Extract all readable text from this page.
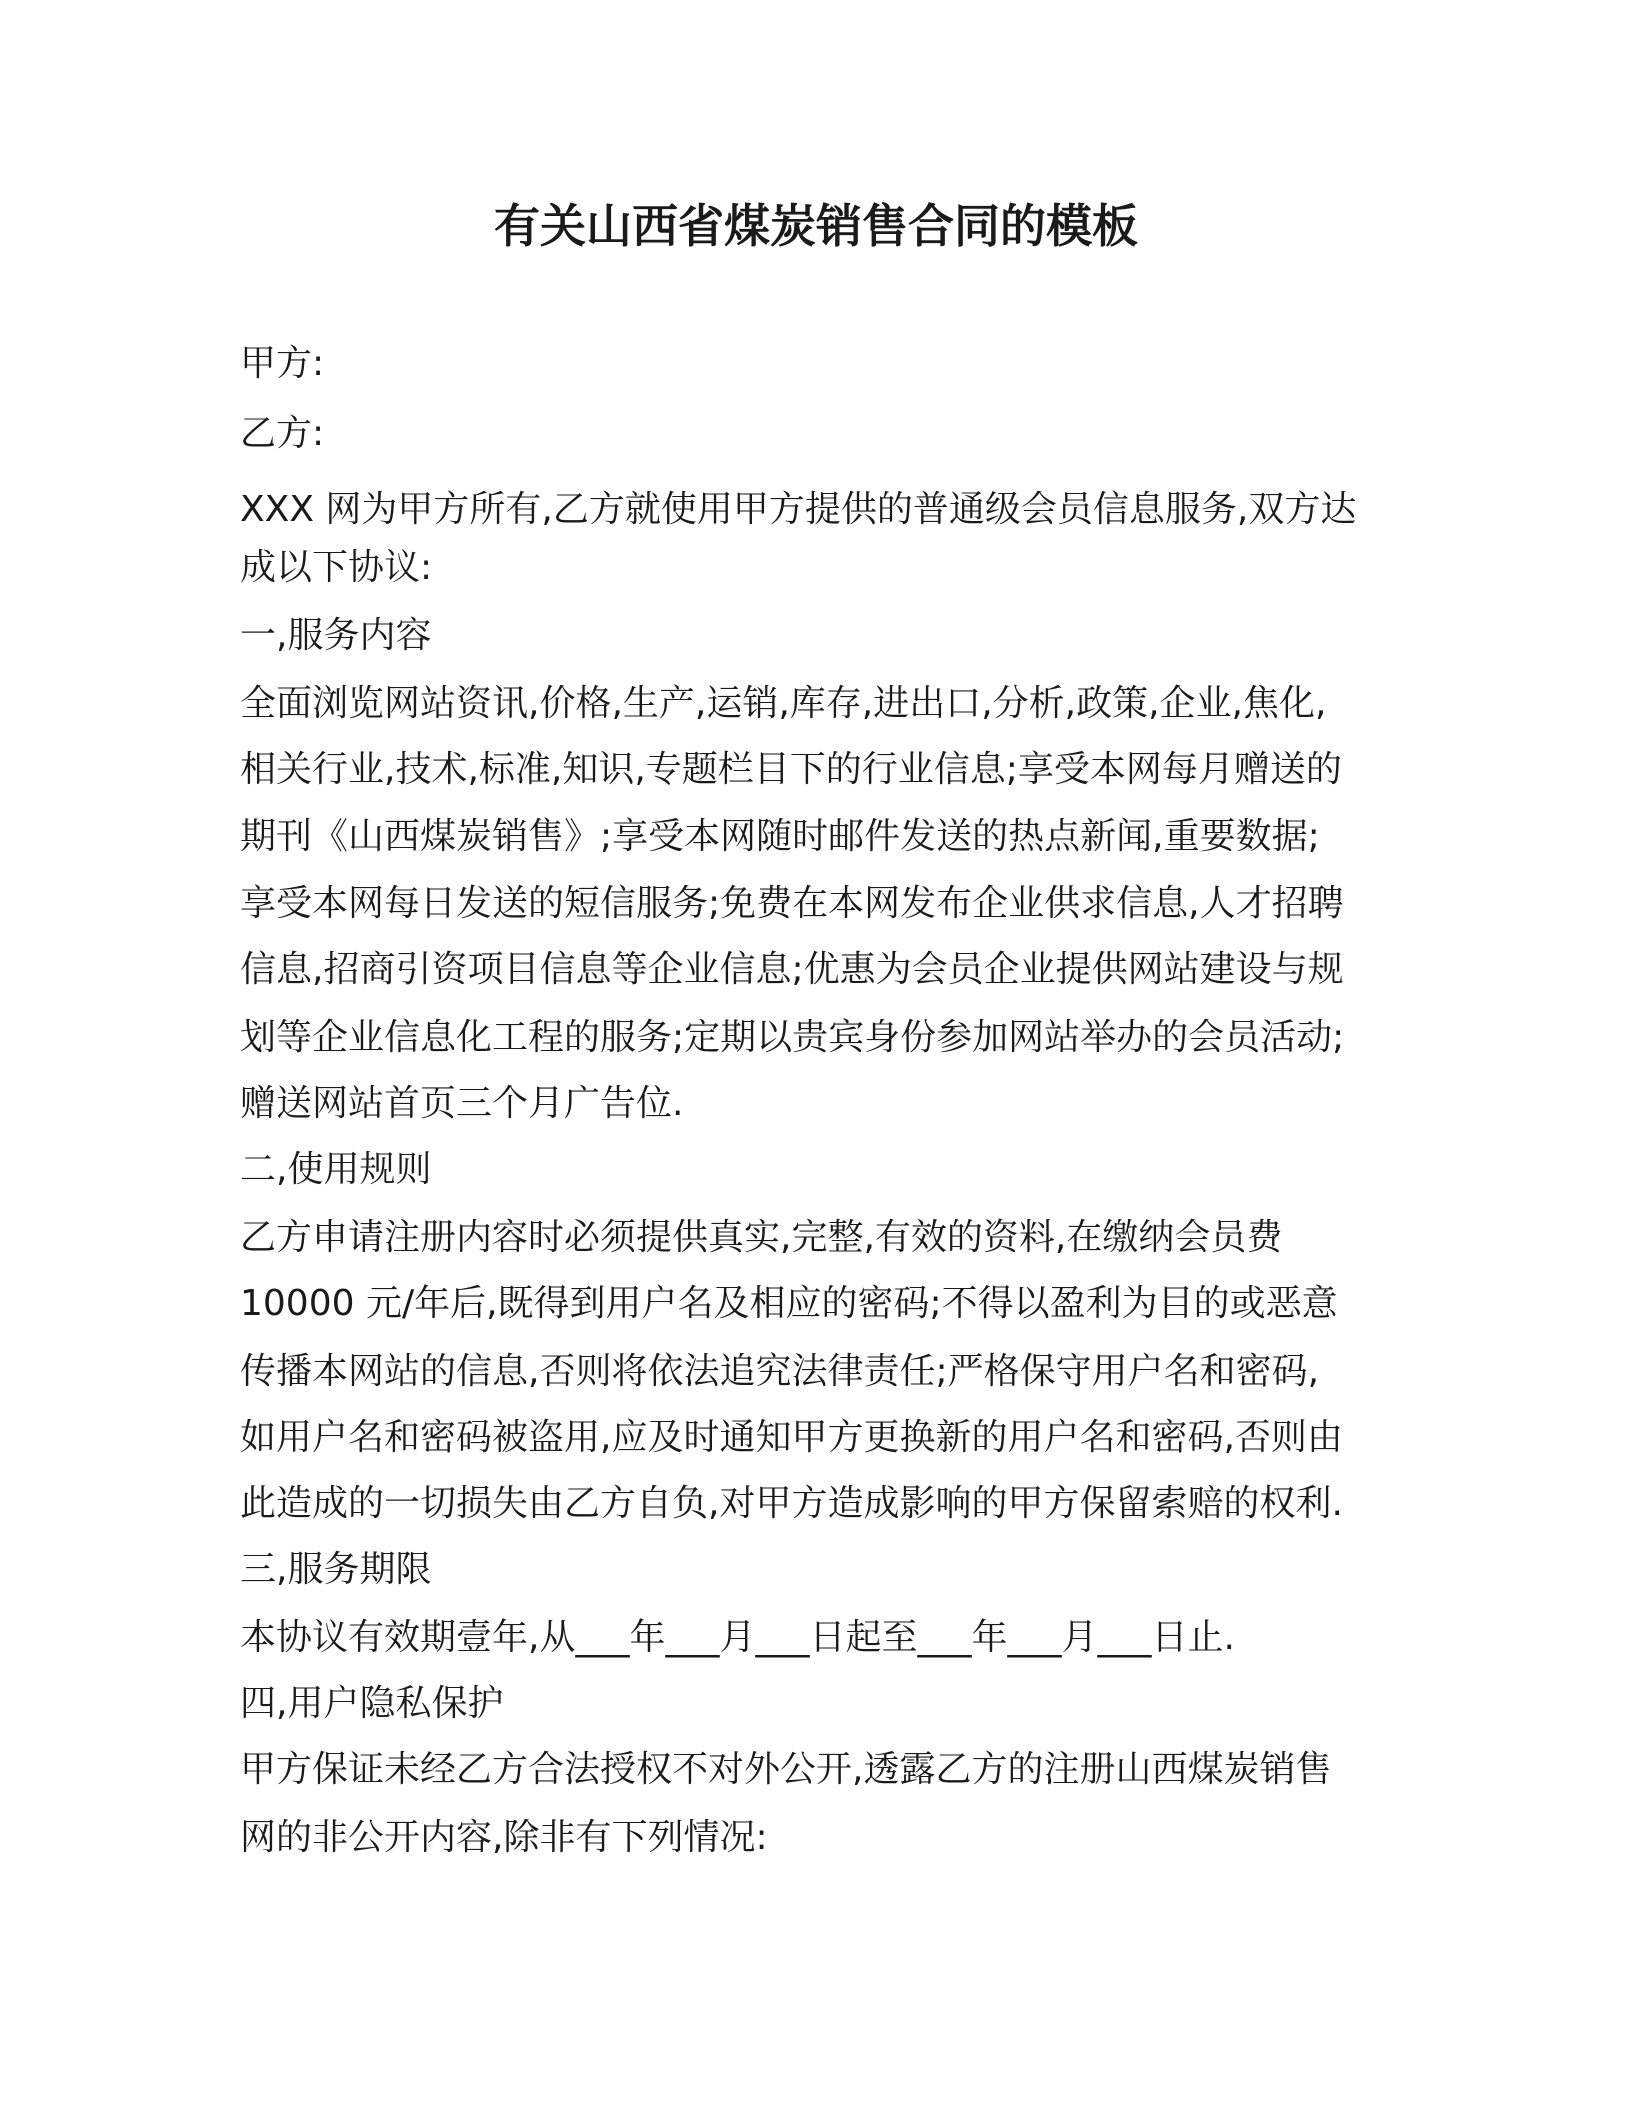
有关山西省煤炭销售合同的模板
甲方:
乙方:
XXX 网为甲方所有,乙方就使用甲方提供的普通级会员信息服务,双方达
成以下协议:
一,服务内容
全面浏览网站资讯,价格,生产,运销,库存,进出口,分析,政策,企业,焦化,
相关行业,技术,标准,知识,专题栏目下的行业信息;享受本网每月赠送的
期刊《山西煤炭销售》;享受本网随时邮件发送的热点新闻,重要数据;
享受本网每日发送的短信服务;免费在本网发布企业供求信息,人才招聘
信息,招商引资项目信息等企业信息;优惠为会员企业提供网站建设与规
划等企业信息化工程的服务;定期以贵宾身份参加网站举办的会员活动;
赠送网站首页三个月广告位.
二,使用规则
乙方申请注册内容时必须提供真实,完整,有效的资料,在缴纳会员费
10000 元/年后,既得到用户名及相应的密码;不得以盈利为目的或恶意
传播本网站的信息,否则将依法追究法律责任;严格保守用户名和密码,
如用户名和密码被盗用,应及时通知甲方更换新的用户名和密码,否则由
此造成的一切损失由乙方自负,对甲方造成影响的甲方保留索赔的权利.
三,服务期限
本协议有效期壹年,从___年___月___日起至___年___月___日止.
四,用户隐私保护
甲方保证未经乙方合法授权不对外公开,透露乙方的注册山西煤炭销售
网的非公开内容,除非有下列情况:
